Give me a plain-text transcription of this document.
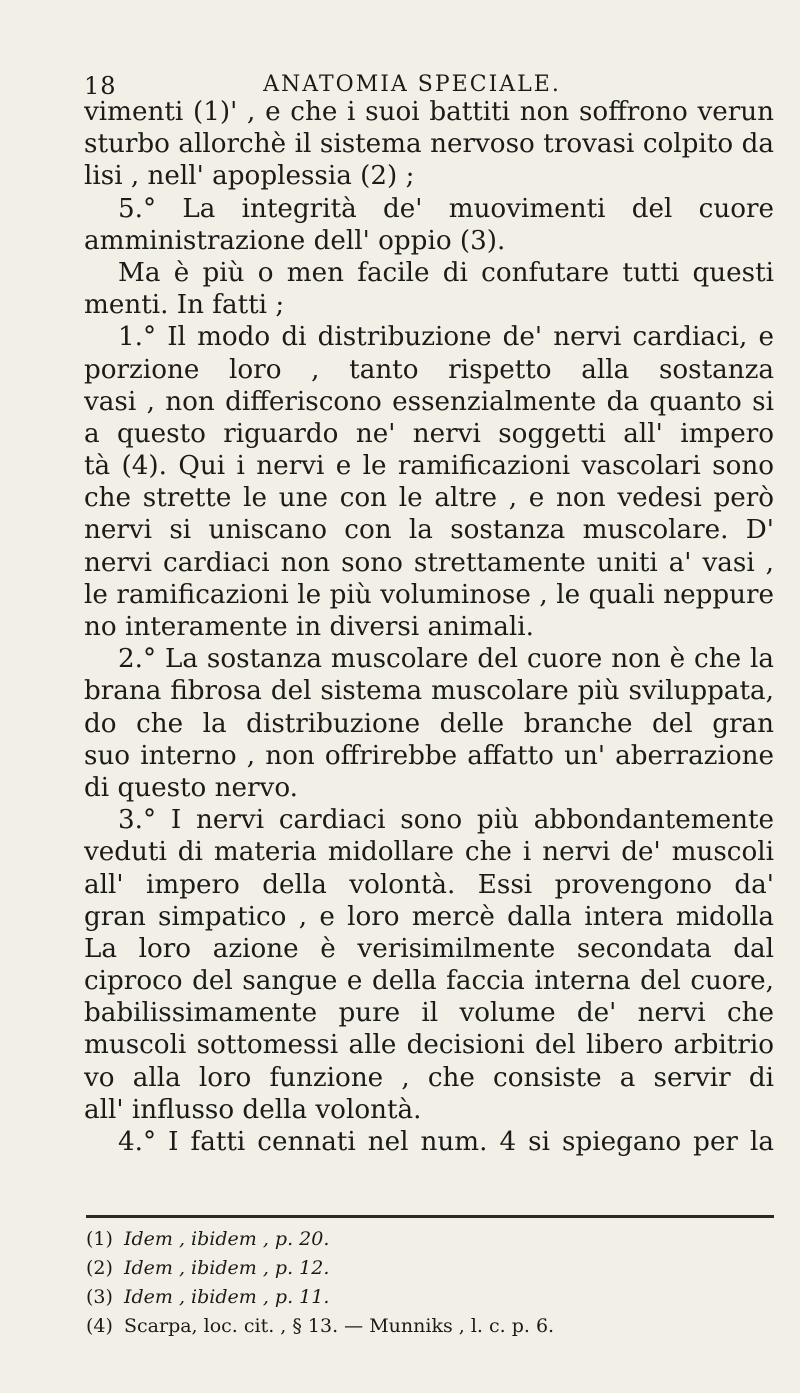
18	ANATOMIA SPECIALE.
vimenti (1)' , e che i suoi battiti non soffrono verun
sturbo allorchè il sistema nervoso trovasi colpito da
lisi , nell' apoplessia (2) ;
5.° La integrità de' muovimenti del cuore
amministrazione dell' oppio (3).
Ma è più o men facile di confutare tutti questi
menti. In fatti ;
1.° Il modo di distribuzione de' nervi cardiaci, e
porzione loro , tanto rispetto alla sostanza
vasi , non differiscono essenzialmente da quanto si
a questo riguardo ne' nervi soggetti all' impero
tà (4). Qui i nervi e le ramificazioni vascolari sono
che strette le une con le altre , e non vedesi però
nervi si uniscano con la sostanza muscolare. D'
nervi cardiaci non sono strettamente uniti a' vasi ,
le ramificazioni le più voluminose , le quali neppure
no interamente in diversi animali.
2.° La sostanza muscolare del cuore non è che la
brana fibrosa del sistema muscolare più sviluppata,
do che la distribuzione delle branche del gran
suo interno , non offrirebbe affatto un' aberrazione
di questo nervo.
3.° I nervi cardiaci sono più abbondantemente
veduti di materia midollare che i nervi de' muscoli
all' impero della volontà. Essi provengono da'
gran simpatico , e loro mercè dalla intera midolla
La loro azione è verisimilmente secondata dal
ciproco del sangue e della faccia interna del cuore,
babilissimamente pure il volume de' nervi che
muscoli sottomessi alle decisioni del libero arbitrio
vo alla loro funzione , che consiste a servir di
all' influsso della volontà.
4.° I fatti cennati nel num. 4 si spiegano per la
(1) Idem , ibidem , p. 20.
(2) Idem , ibidem , p. 12.
(3) Idem , ibidem , p. 11.
(4) Scarpa, loc. cit. , § 13. — Munniks , l. c. p. 6.
